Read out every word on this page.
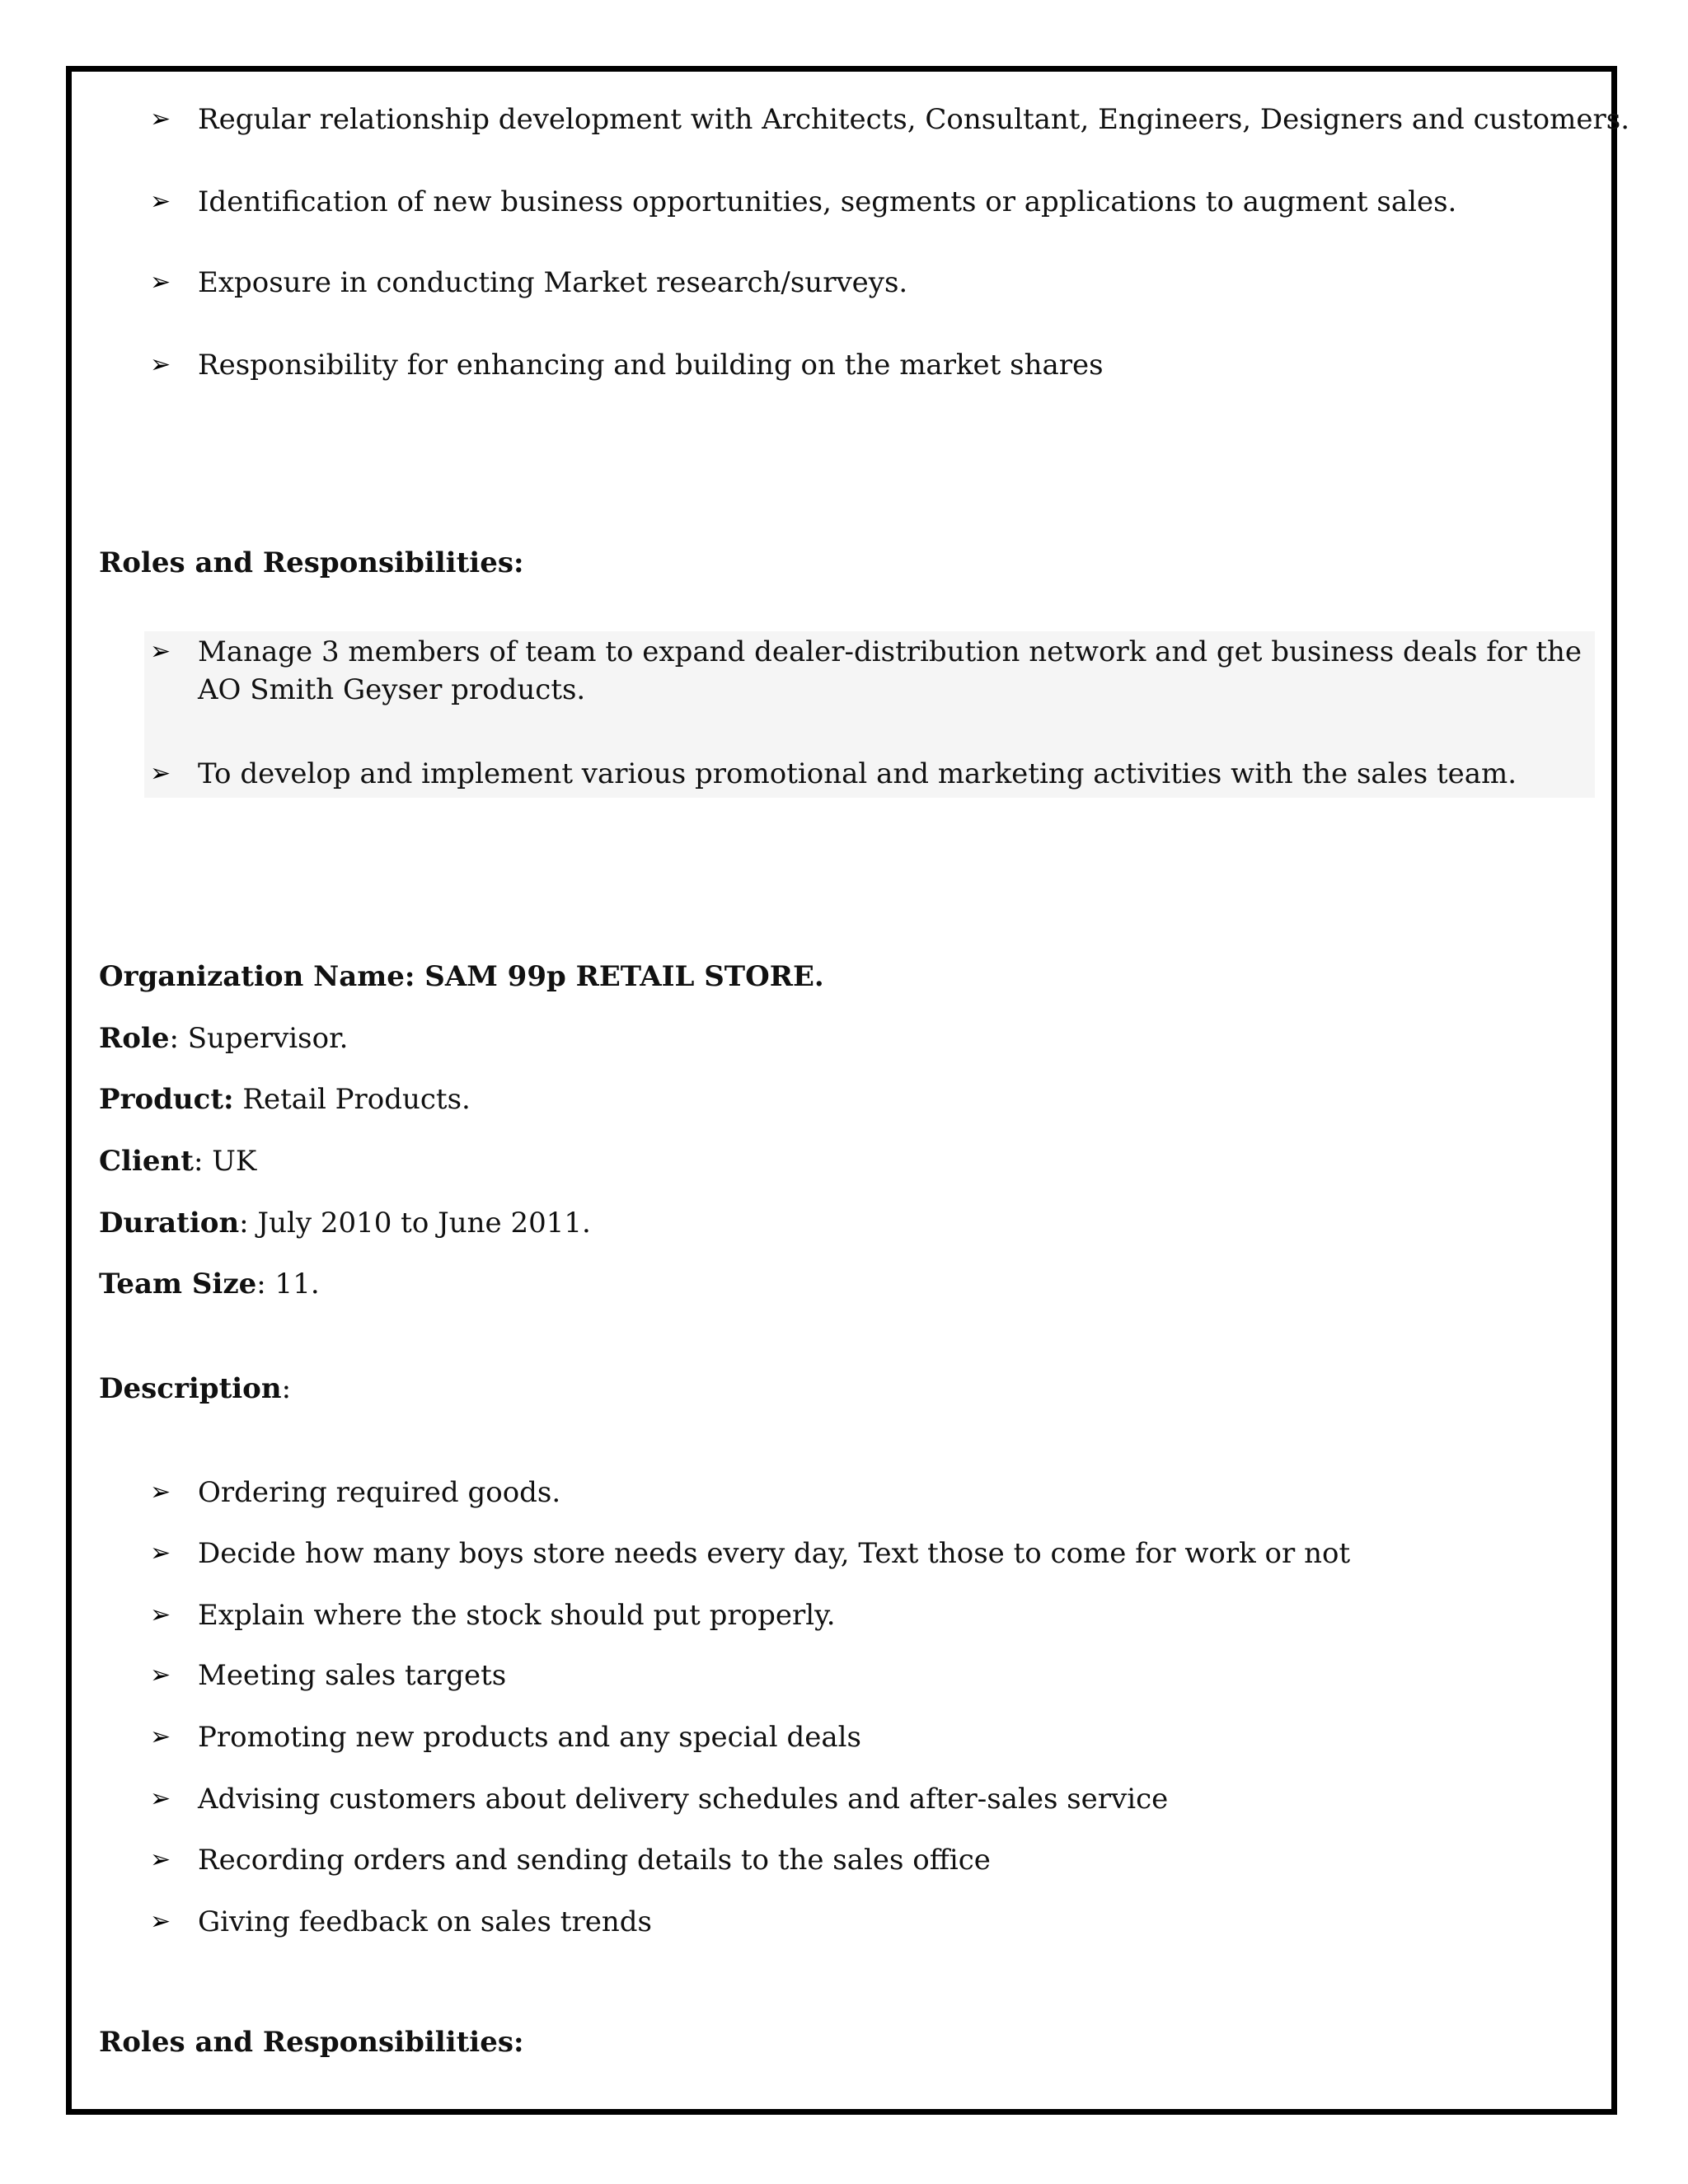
➢ Regular relationship development with Architects, Consultant, Engineers, Designers and customers.
➢ Identification of new business opportunities, segments or applications to augment sales.
➢ Exposure in conducting Market research/surveys.
➢ Responsibility for enhancing and building on the market shares
Roles and Responsibilities:
➢ Manage 3 members of team to expand dealer-distribution network and get business deals for the AO Smith Geyser products.
➢ To develop and implement various promotional and marketing activities with the sales team.
Organization Name: SAM 99p RETAIL STORE.
Role: Supervisor.
Product: Retail Products.
Client: UK
Duration: July 2010 to June 2011.
Team Size: 11.
Description:
➢ Ordering required goods.
➢ Decide how many boys store needs every day, Text those to come for work or not
➢ Explain where the stock should put properly.
➢ Meeting sales targets
➢ Promoting new products and any special deals
➢ Advising customers about delivery schedules and after-sales service
➢ Recording orders and sending details to the sales office
➢ Giving feedback on sales trends
Roles and Responsibilities:
